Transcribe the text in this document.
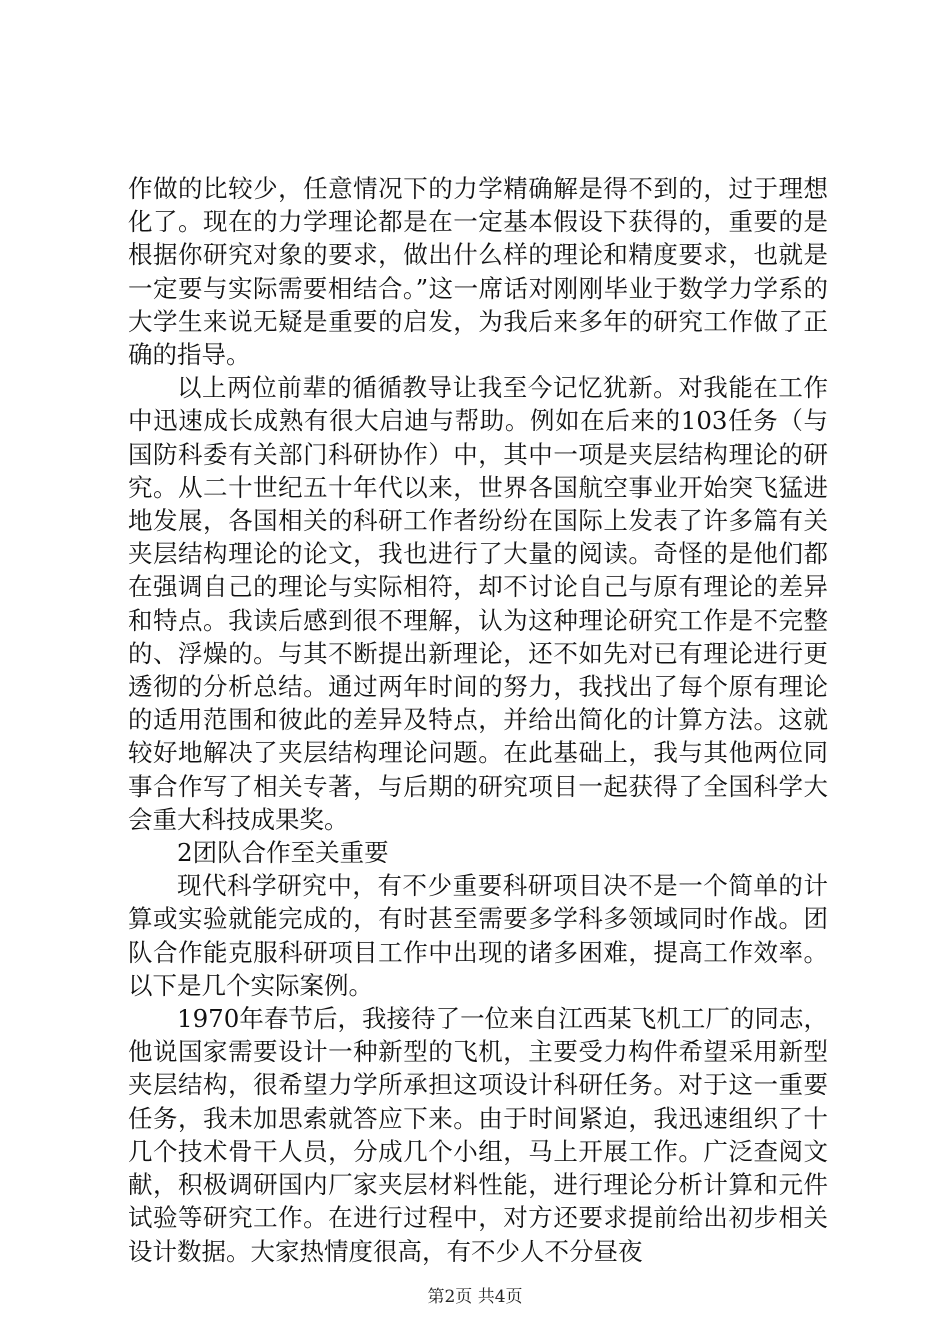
作做的比较少，任意情况下的力学精确解是得不到的，过于理想化了。现在的力学理论都是在一定基本假设下获得的，重要的是根据你研究对象的要求，做出什么样的理论和精度要求，也就是一定要与实际需要相结合。”这一席话对刚刚毕业于数学力学系的大学生来说无疑是重要的启发，为我后来多年的研究工作做了正确的指导。

以上两位前辈的循循教导让我至今记忆犹新。对我能在工作中迅速成长成熟有很大启迪与帮助。例如在后来的103任务（与国防科委有关部门科研协作）中，其中一项是夹层结构理论的研究。从二十世纪五十年代以来，世界各国航空事业开始突飞猛进地发展，各国相关的科研工作者纷纷在国际上发表了许多篇有关夹层结构理论的论文，我也进行了大量的阅读。奇怪的是他们都在强调自己的理论与实际相符，却不讨论自己与原有理论的差异和特点。我读后感到很不理解，认为这种理论研究工作是不完整的、浮燥的。与其不断提出新理论，还不如先对已有理论进行更透彻的分析总结。通过两年时间的努力，我找出了每个原有理论的适用范围和彼此的差异及特点，并给出简化的计算方法。这就较好地解决了夹层结构理论问题。在此基础上，我与其他两位同事合作写了相关专著，与后期的研究项目一起获得了全国科学大会重大科技成果奖。

2团队合作至关重要

现代科学研究中，有不少重要科研项目决不是一个简单的计算或实验就能完成的，有时甚至需要多学科多领域同时作战。团队合作能克服科研项目工作中出现的诸多困难，提高工作效率。以下是几个实际案例。

1970年春节后，我接待了一位来自江西某飞机工厂的同志，他说国家需要设计一种新型的飞机，主要受力构件希望采用新型夹层结构，很希望力学所承担这项设计科研任务。对于这一重要任务，我未加思索就答应下来。由于时间紧迫，我迅速组织了十几个技术骨干人员，分成几个小组，马上开展工作。广泛查阅文献，积极调研国内厂家夹层材料性能，进行理论分析计算和元件试验等研究工作。在进行过程中，对方还要求提前给出初步相关设计数据。大家热情度很高，有不少人不分昼夜

第2页 共4页
